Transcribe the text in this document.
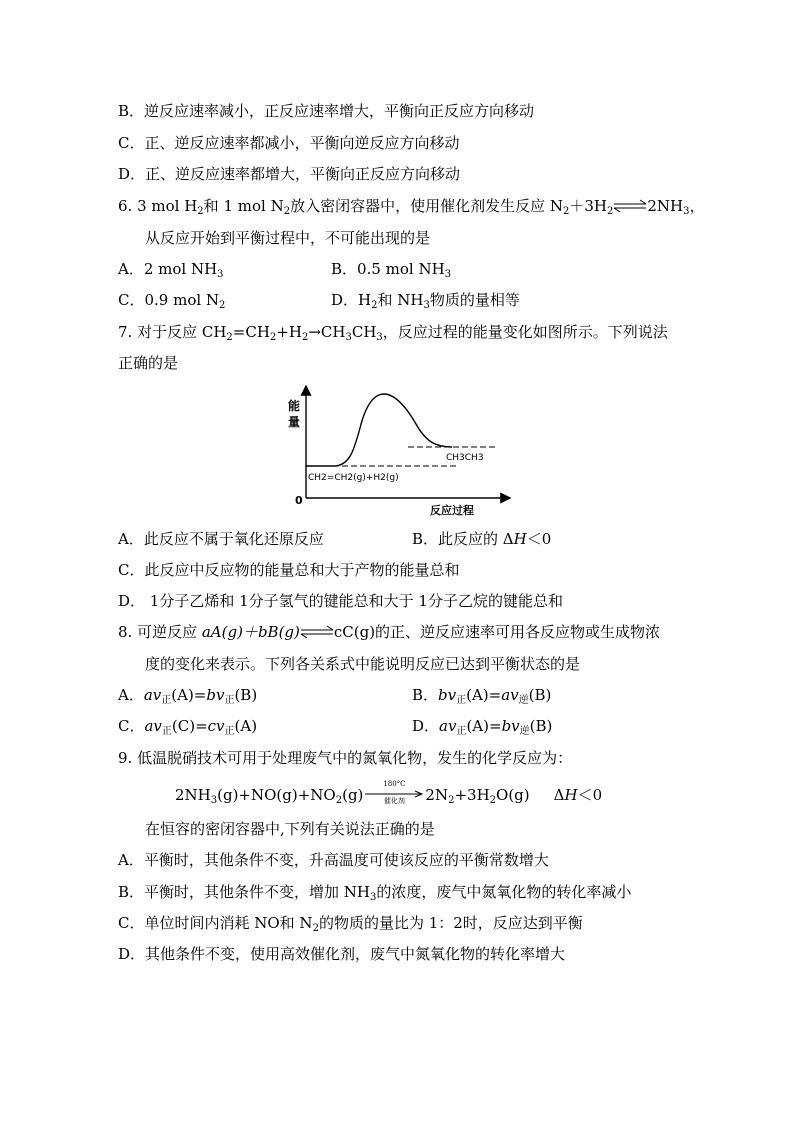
B．逆反应速率减小，正反应速率增大，平衡向正反应方向移动
C．正、逆反应速率都减小，平衡向逆反应方向移动
D．正、逆反应速率都增大，平衡向正反应方向移动
6. 3 mol $H_2$和 1 mol $N_2$放入密闭容器中，使用催化剂发生反应 $N_2+3H_2\rightleftharpoons 2NH_3$，
从反应开始到平衡过程中，不可能出现的是
A．2 mol $NH_3$	B．0.5 mol $NH_3$
C．0.9 mol $N_2$	D．$H_2$和 $NH_3$物质的量相等
7. 对于反应 $CH_2=CH_2+H_2\to CH_3CH_3$，反应过程的能量变化如图所示。下列说法
正确的是
能
量
0
反应过程
CH2=CH2(g)+H2(g)
CH3CH3
A．此反应不属于氧化还原反应	B．此反应的 ΔH＜0
C．此反应中反应物的能量总和大于产物的能量总和
D． 1分子乙烯和 1分子氢气的键能总和大于 1分子乙烷的键能总和
8. 可逆反应 aA(g)＋bB(g)⇌cC(g)的正、逆反应速率可用各反应物或生成物浓
度的变化来表示。下列各关系式中能说明反应已达到平衡状态的是
A．$av_正(A)=bv_正(B)$	B．$bv_正(A)=av_逆(B)$
C．$av_正(C)=cv_正(A)$	D．$av_正(A)=bv_逆(B)$
9. 低温脱硝技术可用于处理废气中的氮氧化物，发生的化学反应为：
$2NH_3(g)+NO(g)+NO_2(g)$
180°C
催化剂	$2N_2+3H_2O(g)$ ΔH＜0
在恒容的密闭容器中,下列有关说法正确的是
A．平衡时，其他条件不变，升高温度可使该反应的平衡常数增大
B．平衡时，其他条件不变，增加 $NH_3$的浓度，废气中氮氧化物的转化率减小
C．单位时间内消耗 NO和 $N_2$的物质的量比为 1：2时，反应达到平衡
D．其他条件不变，使用高效催化剂，废气中氮氧化物的转化率增大
